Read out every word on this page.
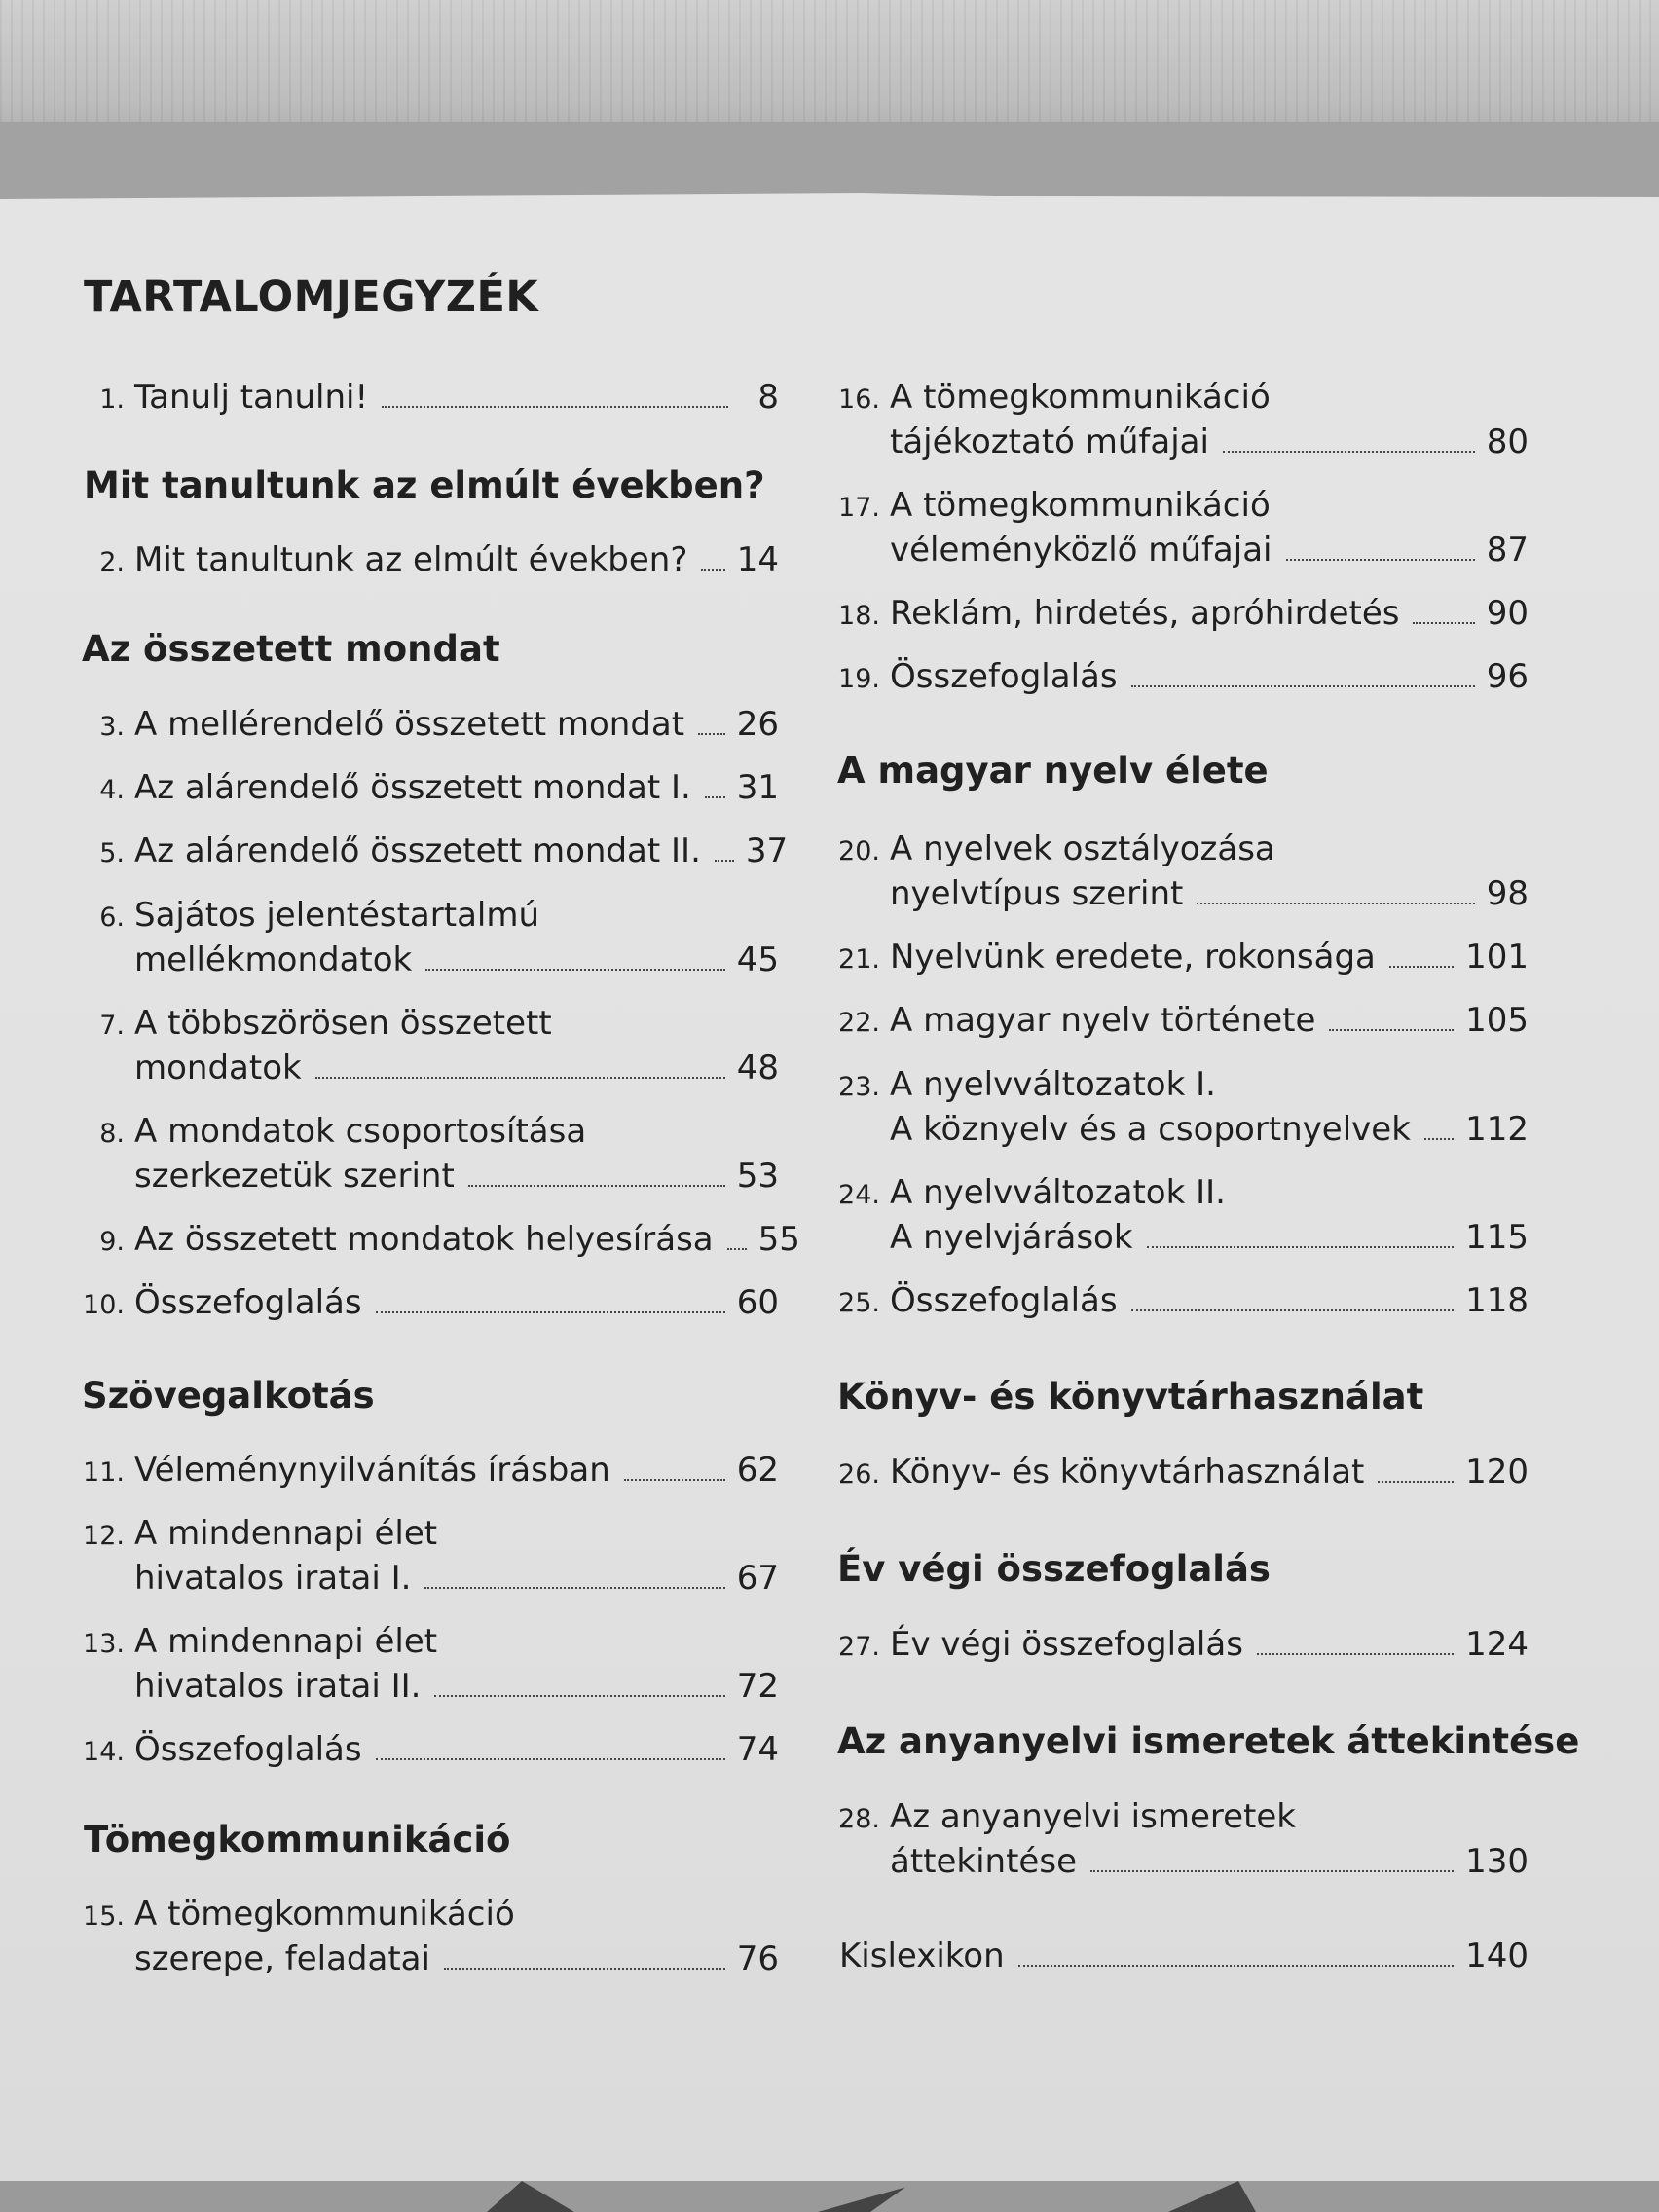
TARTALOMJEGYZÉK
1. Tanulj tanulni!	8
Mit tanultunk az elmúlt években?
2. Mit tanultunk az elmúlt években? 14
Az összetett mondat
3. A mellérendelő összetett mondat 26
4. Az alárendelő összetett mondat I. 31
5. Az alárendelő összetett mondat II. 37
6. Sajátos jelentéstartalmú
mellékmondatok	45
7. A többszörösen összetett
mondatok	48
8. A mondatok csoportosítása
szerkezetük szerint	53
9. Az összetett mondatok helyesírása 55
10. Összefoglalás	60
Szövegalkotás
11. Véleménynyilvánítás írásban	62
12. A mindennapi élet
hivatalos iratai I.	67
13. A mindennapi élet
hivatalos iratai II.	72
14. Összefoglalás	74
Tömegkommunikáció
15. A tömegkommunikáció
szerepe, feladatai	76
16. A tömegkommunikáció
tájékoztató műfajai	80
17. A tömegkommunikáció
véleményközlő műfajai	87
18. Reklám, hirdetés, apróhirdetés	90
19. Összefoglalás	96
A magyar nyelv élete
20. A nyelvek osztályozása
nyelvtípus szerint	98
21. Nyelvünk eredete, rokonsága	101
22. A magyar nyelv története	105
23. A nyelvváltozatok I.
A köznyelv és a csoportnyelvek 112
24. A nyelvváltozatok II.
A nyelvjárások	115
25. Összefoglalás	118
Könyv- és könyvtárhasználat
26. Könyv- és könyvtárhasználat	120
Év végi összefoglalás
27. Év végi összefoglalás	124
Az anyanyelvi ismeretek áttekintése
28. Az anyanyelvi ismeretek
áttekintése	130
Kislexikon	140
